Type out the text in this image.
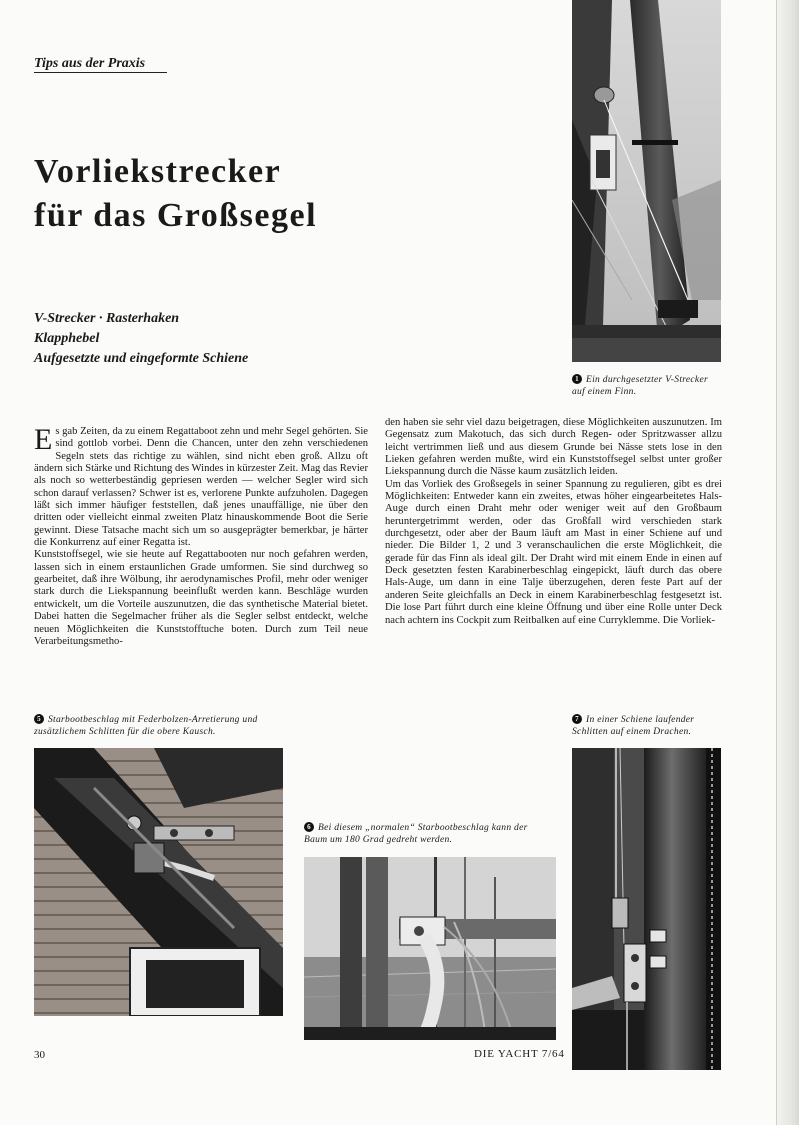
Tips aus der Praxis
Vorliekstrecker
für das Großsegel
V-Strecker · Rasterhaken
Klapphebel
Aufgesetzte und eingeformte Schiene
1 Ein durchgesetzter V-Strecker
auf einem Finn.

Es gab Zeiten, da zu einem Regattaboot zehn und mehr Segel gehörten. Sie sind gottlob vorbei. Denn die Chancen, unter den zehn verschiedenen Segeln stets das richtige zu wählen, sind nicht eben groß. Allzu oft ändern sich Stärke und Richtung des Windes in kürzester Zeit. Mag das Revier als noch so wetterbeständig gepriesen werden — welcher Segler wird sich schon darauf verlassen? Schwer ist es, verlorene Punkte aufzuholen. Dagegen läßt sich immer häufiger feststellen, daß jenes unauffällige, nie über den dritten oder vielleicht einmal zweiten Platz hinauskommende Boot die Serie gewinnt. Diese Tatsache macht sich um so ausgeprägter bemerkbar, je härter die Konkurrenz auf einer Regatta ist.

Kunststoffsegel, wie sie heute auf Regattabooten nur noch gefahren werden, lassen sich in einem erstaunlichen Grade umformen. Sie sind durchweg so gearbeitet, daß ihre Wölbung, ihr aerodynamisches Profil, mehr oder weniger stark durch die Liekspannung beeinflußt werden kann. Beschläge wurden entwickelt, um die Vorteile auszunutzen, die das synthetische Material bietet. Dabei hatten die Segelmacher früher als die Segler selbst entdeckt, welche neuen Möglichkeiten die Kunststofftuche boten. Durch zum Teil neue Verarbeitungsmetho-

den haben sie sehr viel dazu beigetragen, diese Möglichkeiten auszunutzen. Im Gegensatz zum Makotuch, das sich durch Regen- oder Spritzwasser allzu leicht vertrimmen ließ und aus diesem Grunde bei Nässe stets lose in den Lieken gefahren werden mußte, wird ein Kunststoffsegel selbst unter großer Liekspannung durch die Nässe kaum zusätzlich leiden.

Um das Vorliek des Großsegels in seiner Spannung zu regulieren, gibt es drei Möglichkeiten: Entweder kann ein zweites, etwas höher eingearbeitetes Hals-Auge durch einen Draht mehr oder weniger weit auf den Großbaum heruntergetrimmt werden, oder das Großfall wird verschieden stark durchgesetzt, oder aber der Baum läuft am Mast in einer Schiene auf und nieder. Die Bilder 1, 2 und 3 veranschaulichen die erste Möglichkeit, die gerade für das Finn als ideal gilt. Der Draht wird mit einem Ende in einen auf Deck gesetzten festen Karabinerbeschlag eingepickt, läuft durch das obere Hals-Auge, um dann in eine Talje überzugehen, deren feste Part auf der anderen Seite gleichfalls an Deck in einem Karabinerbeschlag festgesetzt ist. Die lose Part führt durch eine kleine Öffnung und über eine Rolle unter Deck nach achtern ins Cockpit zum Reitbalken auf eine Curryklemme. Die Vorliek-

5 Starbootbeschlag mit Federbolzen-Arretierung und
zusätzlichem Schlitten für die obere Kausch.
6 Bei diesem „normalen“ Starbootbeschlag kann der
Baum um 180 Grad gedreht werden.
7 In einer Schiene laufender
Schlitten auf einem Drachen.
30	DIE YACHT 7/64
